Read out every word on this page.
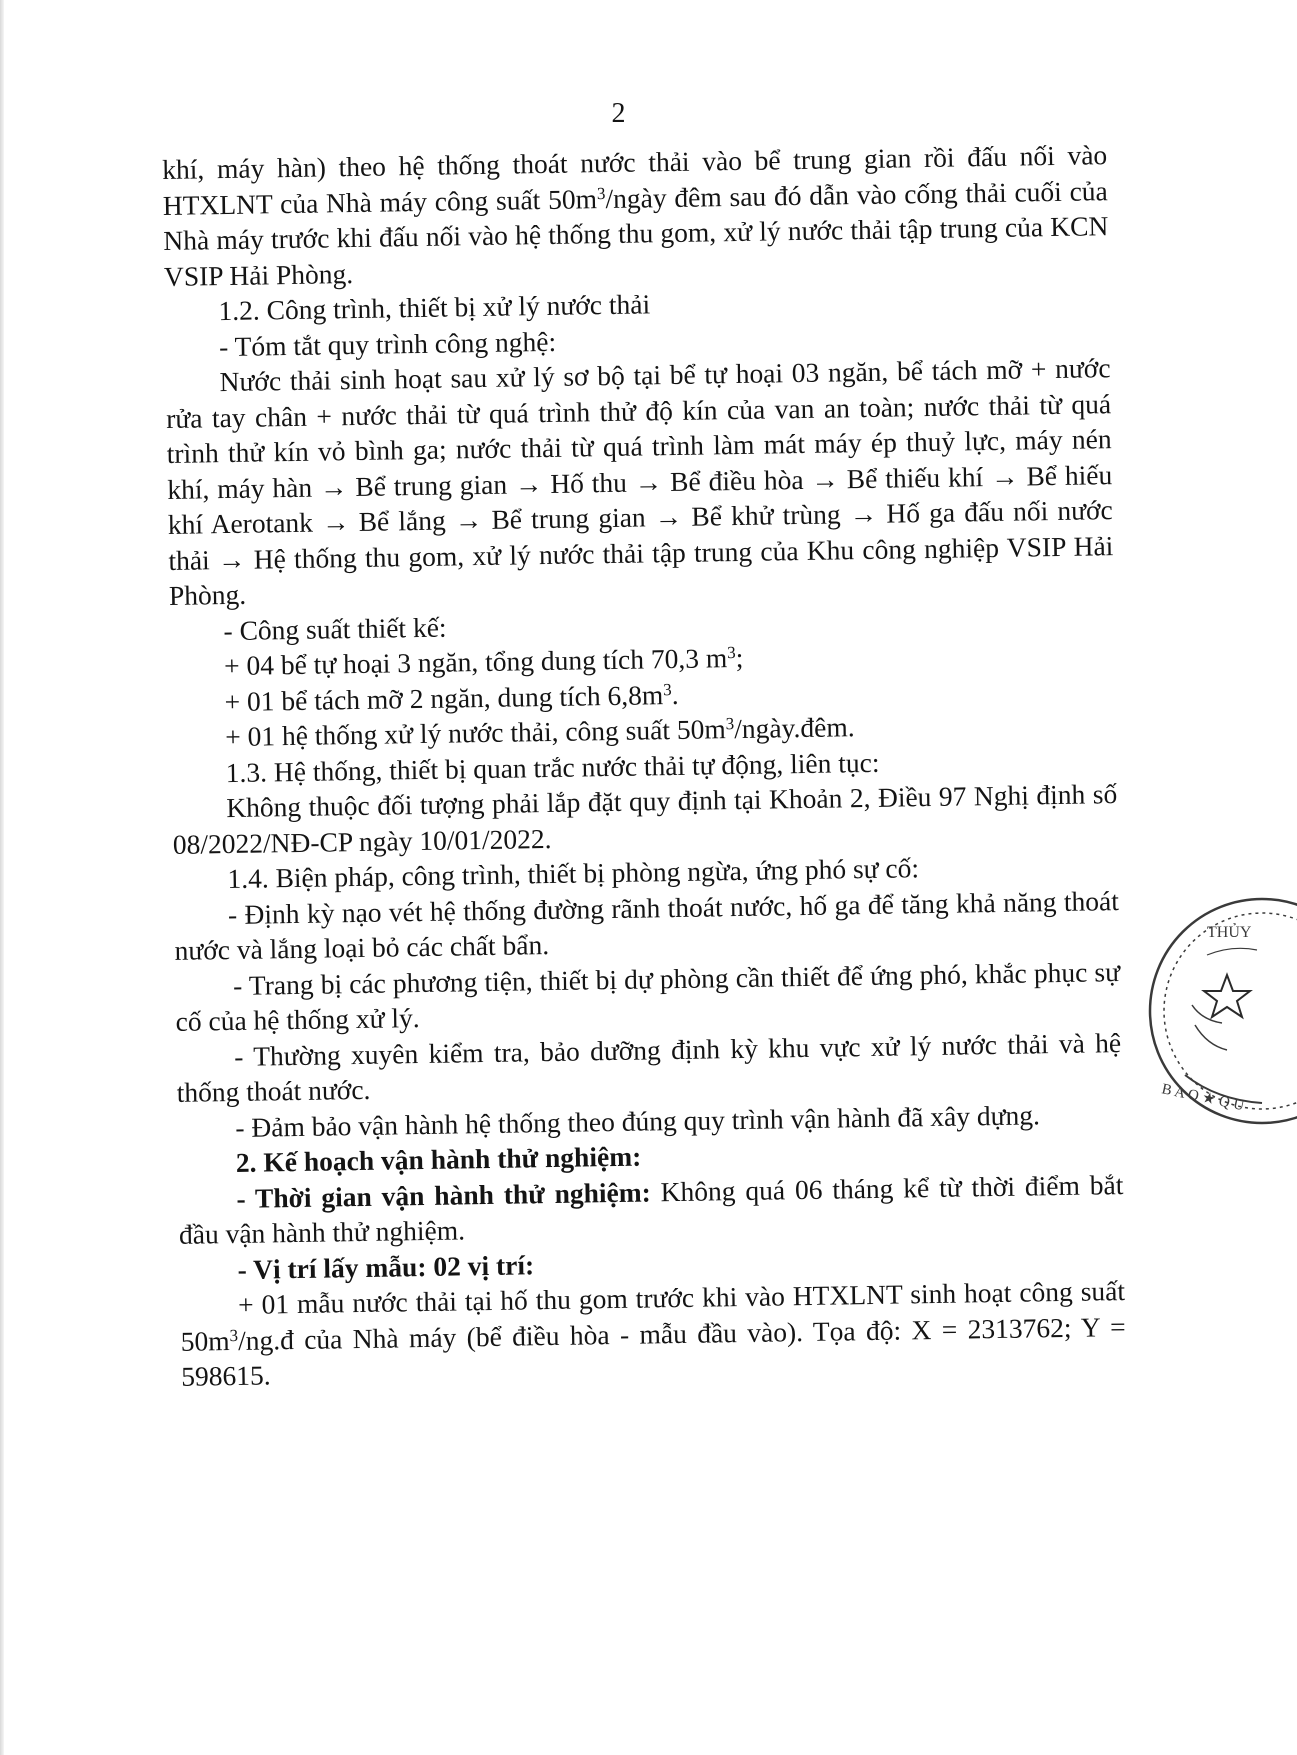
2

khí, máy hàn) theo hệ thống thoát nước thải vào bể trung gian rồi đấu nối vào HTXLNT của Nhà máy công suất $50m^3$/ngày đêm sau đó dẫn vào cống thải cuối của Nhà máy trước khi đấu nối vào hệ thống thu gom, xử lý nước thải tập trung của KCN VSIP Hải Phòng.

1.2. Công trình, thiết bị xử lý nước thải

- Tóm tắt quy trình công nghệ:

Nước thải sinh hoạt sau xử lý sơ bộ tại bể tự hoại 03 ngăn, bể tách mỡ + nước rửa tay chân + nước thải từ quá trình thử độ kín của van an toàn; nước thải từ quá trình thử kín vỏ bình ga; nước thải từ quá trình làm mát máy ép thuỷ lực, máy nén khí, máy hàn → Bể trung gian → Hố thu → Bể điều hòa → Bể thiếu khí → Bể hiếu khí Aerotank → Bể lắng → Bể trung gian → Bể khử trùng → Hố ga đấu nối nước thải → Hệ thống thu gom, xử lý nước thải tập trung của Khu công nghiệp VSIP Hải Phòng.

- Công suất thiết kế:

+ 04 bể tự hoại 3 ngăn, tổng dung tích 70,3 $m^3$;

+ 01 bể tách mỡ 2 ngăn, dung tích $6,8m^3$.

+ 01 hệ thống xử lý nước thải, công suất $50m^3/ngày.đêm$.

1.3. Hệ thống, thiết bị quan trắc nước thải tự động, liên tục:

Không thuộc đối tượng phải lắp đặt quy định tại Khoản 2, Điều 97 Nghị định số 08/2022/NĐ-CP ngày 10/01/2022.

1.4. Biện pháp, công trình, thiết bị phòng ngừa, ứng phó sự cố:

- Định kỳ nạo vét hệ thống đường rãnh thoát nước, hố ga để tăng khả năng thoát nước và lắng loại bỏ các chất bẩn.

- Trang bị các phương tiện, thiết bị dự phòng cần thiết để ứng phó, khắc phục sự cố của hệ thống xử lý.

- Thường xuyên kiểm tra, bảo dưỡng định kỳ khu vực xử lý nước thải và hệ thống thoát nước.

- Đảm bảo vận hành hệ thống theo đúng quy trình vận hành đã xây dựng.

2. Kế hoạch vận hành thử nghiệm:

- Thời gian vận hành thử nghiệm: Không quá 06 tháng kể từ thời điểm bắt đầu vận hành thử nghiệm.

- Vị trí lấy mẫu: 02 vị trí:

+ 01 mẫu nước thải tại hố thu gom trước khi vào HTXLNT sinh hoạt công suất $50m^3/ng.đ$ của Nhà máy (bể điều hòa - mẫu đầu vào). Tọa độ: X = 2313762; Y = 598615.

THỦY
B A O ★ Q U
